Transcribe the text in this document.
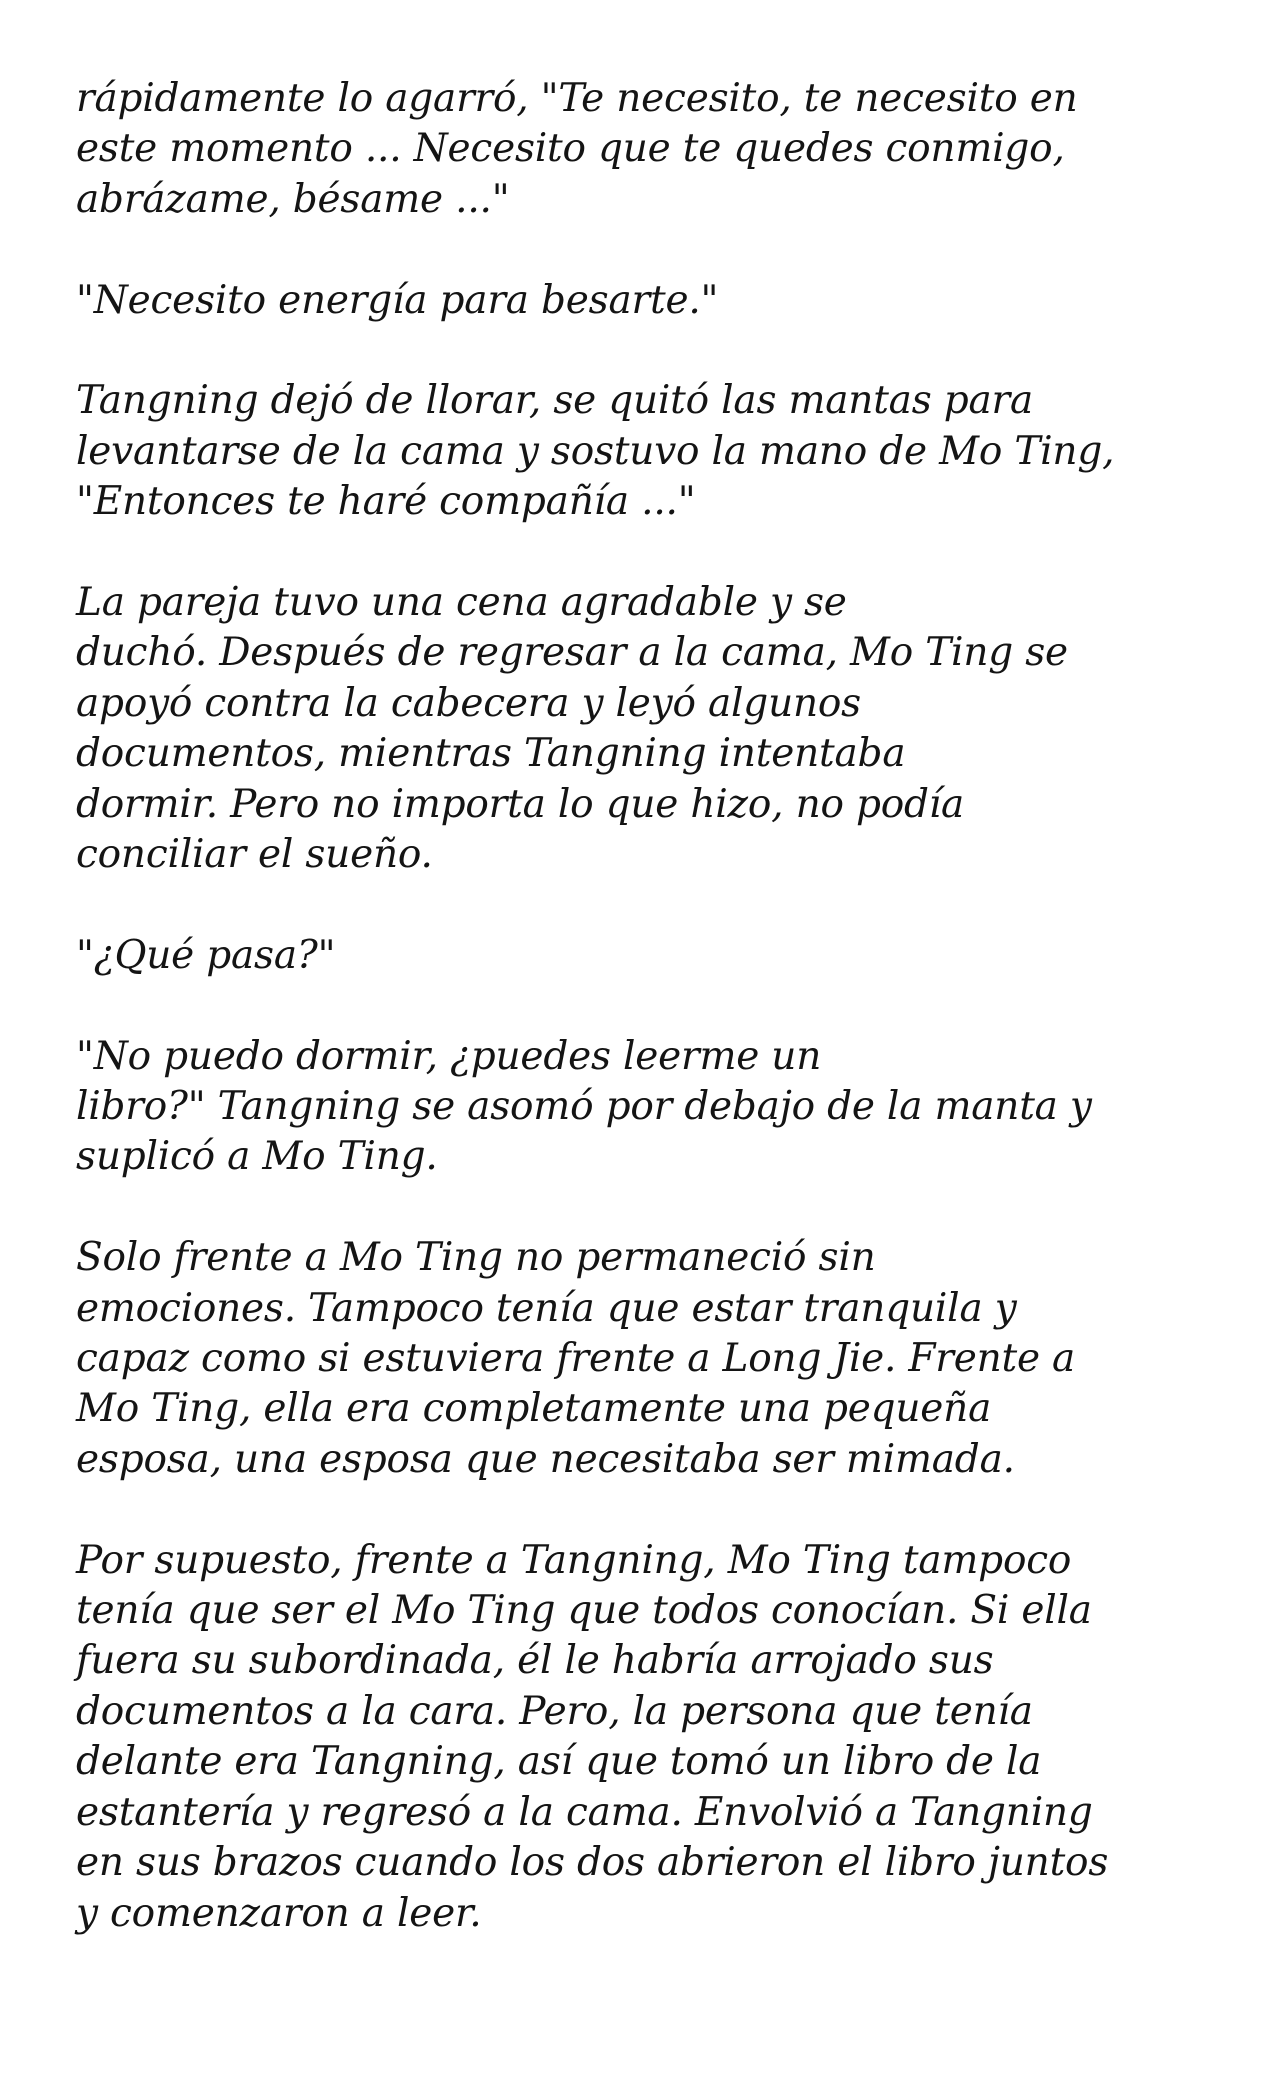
rápidamente lo agarró, "Te necesito, te necesito en
este momento ... Necesito que te quedes conmigo,
abrázame, bésame ..."

"Necesito energía para besarte."

Tangning dejó de llorar, se quitó las mantas para
levantarse de la cama y sostuvo la mano de Mo Ting,
"Entonces te haré compañía ..."

La pareja tuvo una cena agradable y se
duchó. Después de regresar a la cama, Mo Ting se
apoyó contra la cabecera y leyó algunos
documentos, mientras Tangning intentaba
dormir. Pero no importa lo que hizo, no podía
conciliar el sueño.

"¿Qué pasa?"

"No puedo dormir, ¿puedes leerme un
libro?" Tangning se asomó por debajo de la manta y
suplicó a Mo Ting.

Solo frente a Mo Ting no permaneció sin
emociones. Tampoco tenía que estar tranquila y
capaz como si estuviera frente a Long Jie. Frente a
Mo Ting, ella era completamente una pequeña
esposa, una esposa que necesitaba ser mimada.

Por supuesto, frente a Tangning, Mo Ting tampoco
tenía que ser el Mo Ting que todos conocían. Si ella
fuera su subordinada, él le habría arrojado sus
documentos a la cara. Pero, la persona que tenía
delante era Tangning, así que tomó un libro de la
estantería y regresó a la cama. Envolvió a Tangning
en sus brazos cuando los dos abrieron el libro juntos
y comenzaron a leer.
